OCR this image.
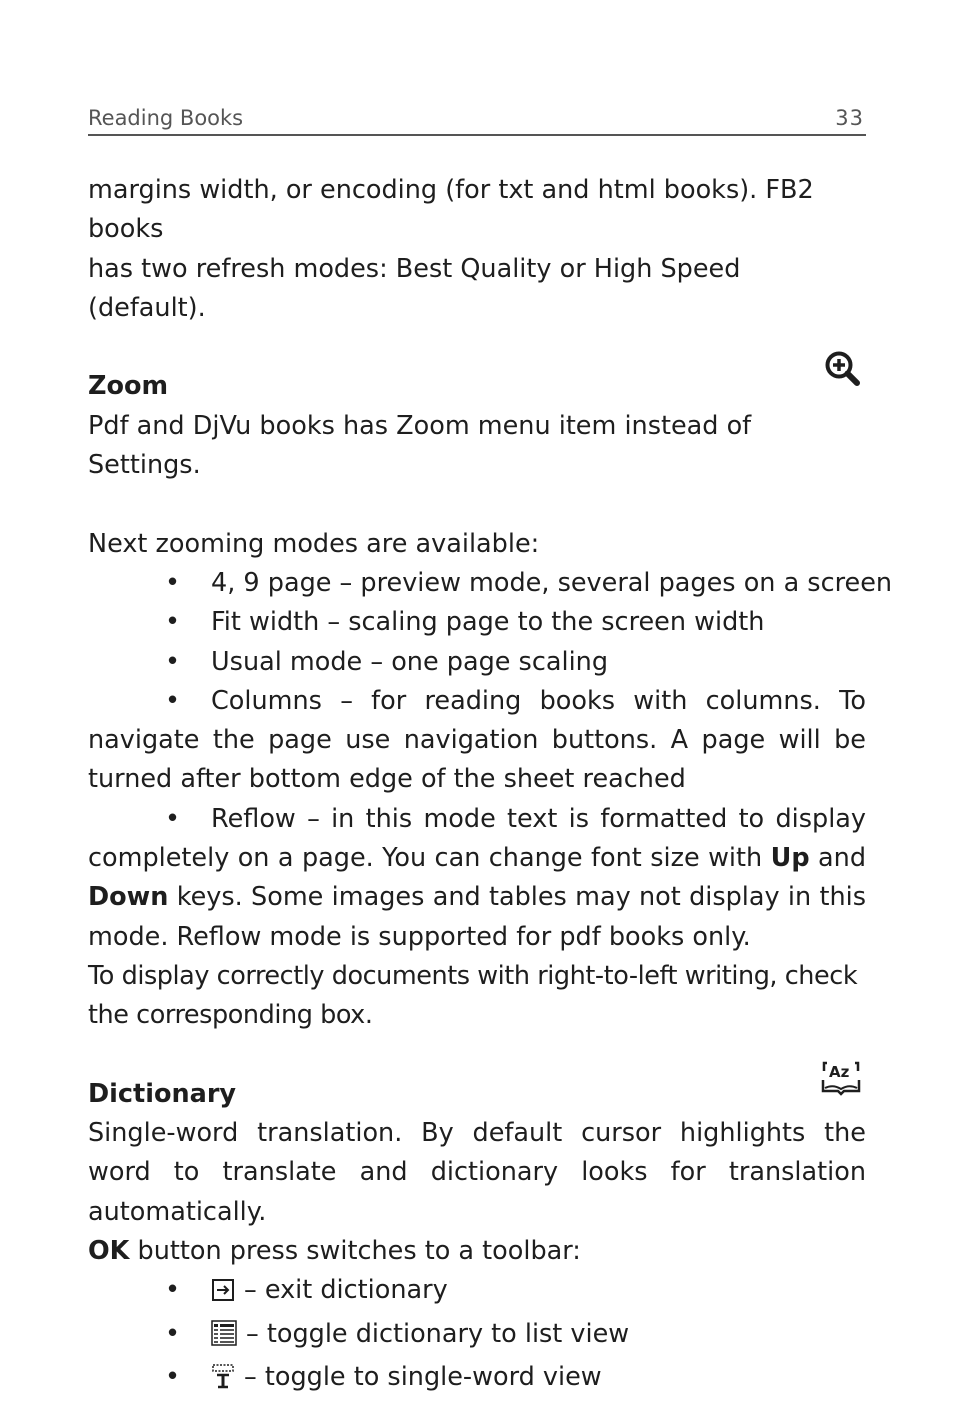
Reading Books	33

margins width, or encoding (for txt and html books). FB2 books

has two refresh modes: Best Quality or High Speed (default).

Zoom

Pdf and DjVu books has Zoom menu item instead of Settings.

Next zooming modes are available:

• 4, 9 page – preview mode, several pages on a screen

• Fit width – scaling page to the screen width

• Usual mode – one page scaling

• Columns – for reading books with columns. To navigate the page use navigation buttons. A page will be turned after bottom edge of the sheet reached

• Reflow – in this mode text is formatted to display completely on a page. You can change font size with Up and Down keys. Some images and tables may not display in this mode. Reflow mode is supported for pdf books only.

To display correctly documents with right-to-left writing, check the corresponding box.

Dictionary
Az

Single-word translation. By default cursor highlights the word to translate and dictionary looks for translation automatically.

OK button press switches to a toolbar:

•	– exit dictionary

•	– toggle dictionary to list view

•	– toggle to single-word view
